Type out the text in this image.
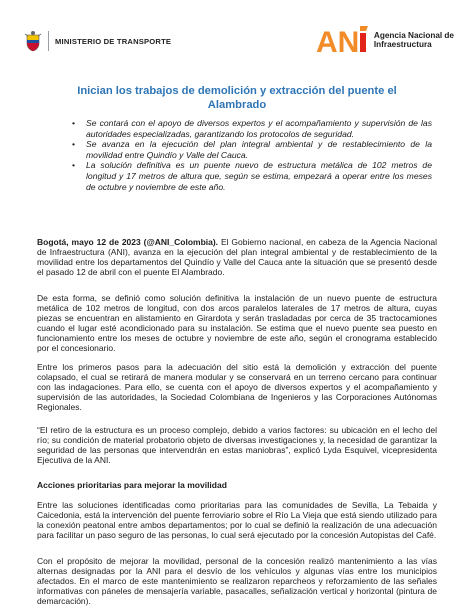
MINISTERIO DE TRANSPORTE	AN Agencia Nacional de
Infraestructura
Inician los trabajos de demolición y extracción del puente el Alambrado
• Se contará con el apoyo de diversos expertos y el acompañamiento y supervisión de las autoridades especializadas, garantizando los protocolos de seguridad.
• Se avanza en la ejecución del plan integral ambiental y de restablecimiento de la movilidad entre Quindío y Valle del Cauca.
• La solución definitiva es un puente nuevo de estructura metálica de 102 metros de longitud y 17 metros de altura que, según se estima, empezará a operar entre los meses de octubre y noviembre de este año.

Bogotá, mayo 12 de 2023 (@ANI_Colombia). El Gobierno nacional, en cabeza de la Agencia Nacional de Infraestructura (ANI), avanza en la ejecución del plan integral ambiental y de restablecimiento de la movilidad entre los departamentos del Quindío y Valle del Cauca ante la situación que se presentó desde el pasado 12 de abril con el puente El Alambrado.

De esta forma, se definió como solución definitiva la instalación de un nuevo puente de estructura metálica de 102 metros de longitud, con dos arcos paralelos laterales de 17 metros de altura, cuyas piezas se encuentran en alistamiento en Girardota y serán trasladadas por cerca de 35 tractocamiones cuando el lugar esté acondicionado para su instalación. Se estima que el nuevo puente sea puesto en funcionamiento entre los meses de octubre y noviembre de este año, según el cronograma establecido por el concesionario.

Entre los primeros pasos para la adecuación del sitio está la demolición y extracción del puente colapsado, el cual se retirará de manera modular y se conservará en un terreno cercano para continuar con las indagaciones. Para ello, se cuenta con el apoyo de diversos expertos y el acompañamiento y supervisión de las autoridades, la Sociedad Colombiana de Ingenieros y las Corporaciones Autónomas Regionales.

“El retiro de la estructura es un proceso complejo, debido a varios factores: su ubicación en el lecho del río; su condición de material probatorio objeto de diversas investigaciones y, la necesidad de garantizar la seguridad de las personas que intervendrán en estas maniobras”, explicó Lyda Esquivel, vicepresidenta Ejecutiva de la ANI.

Acciones prioritarias para mejorar la movilidad

Entre las soluciones identificadas como prioritarias para las comunidades de Sevilla, La Tebaida y Caicedonia, está la intervención del puente ferroviario sobre el Río La Vieja que está siendo utilizado para la conexión peatonal entre ambos departamentos; por lo cual se definió la realización de una adecuación para facilitar un paso seguro de las personas, lo cual será ejecutado por la concesión Autopistas del Café.

Con el propósito de mejorar la movilidad, personal de la concesión realizó mantenimiento a las vías alternas designadas por la ANI para el desvío de los vehículos y algunas vías entre los municipios afectados. En el marco de este mantenimiento se realizaron reparcheos y reforzamiento de las señales informativas con páneles de mensajería variable, pasacalles, señalización vertical y horizontal (pintura de demarcación).
